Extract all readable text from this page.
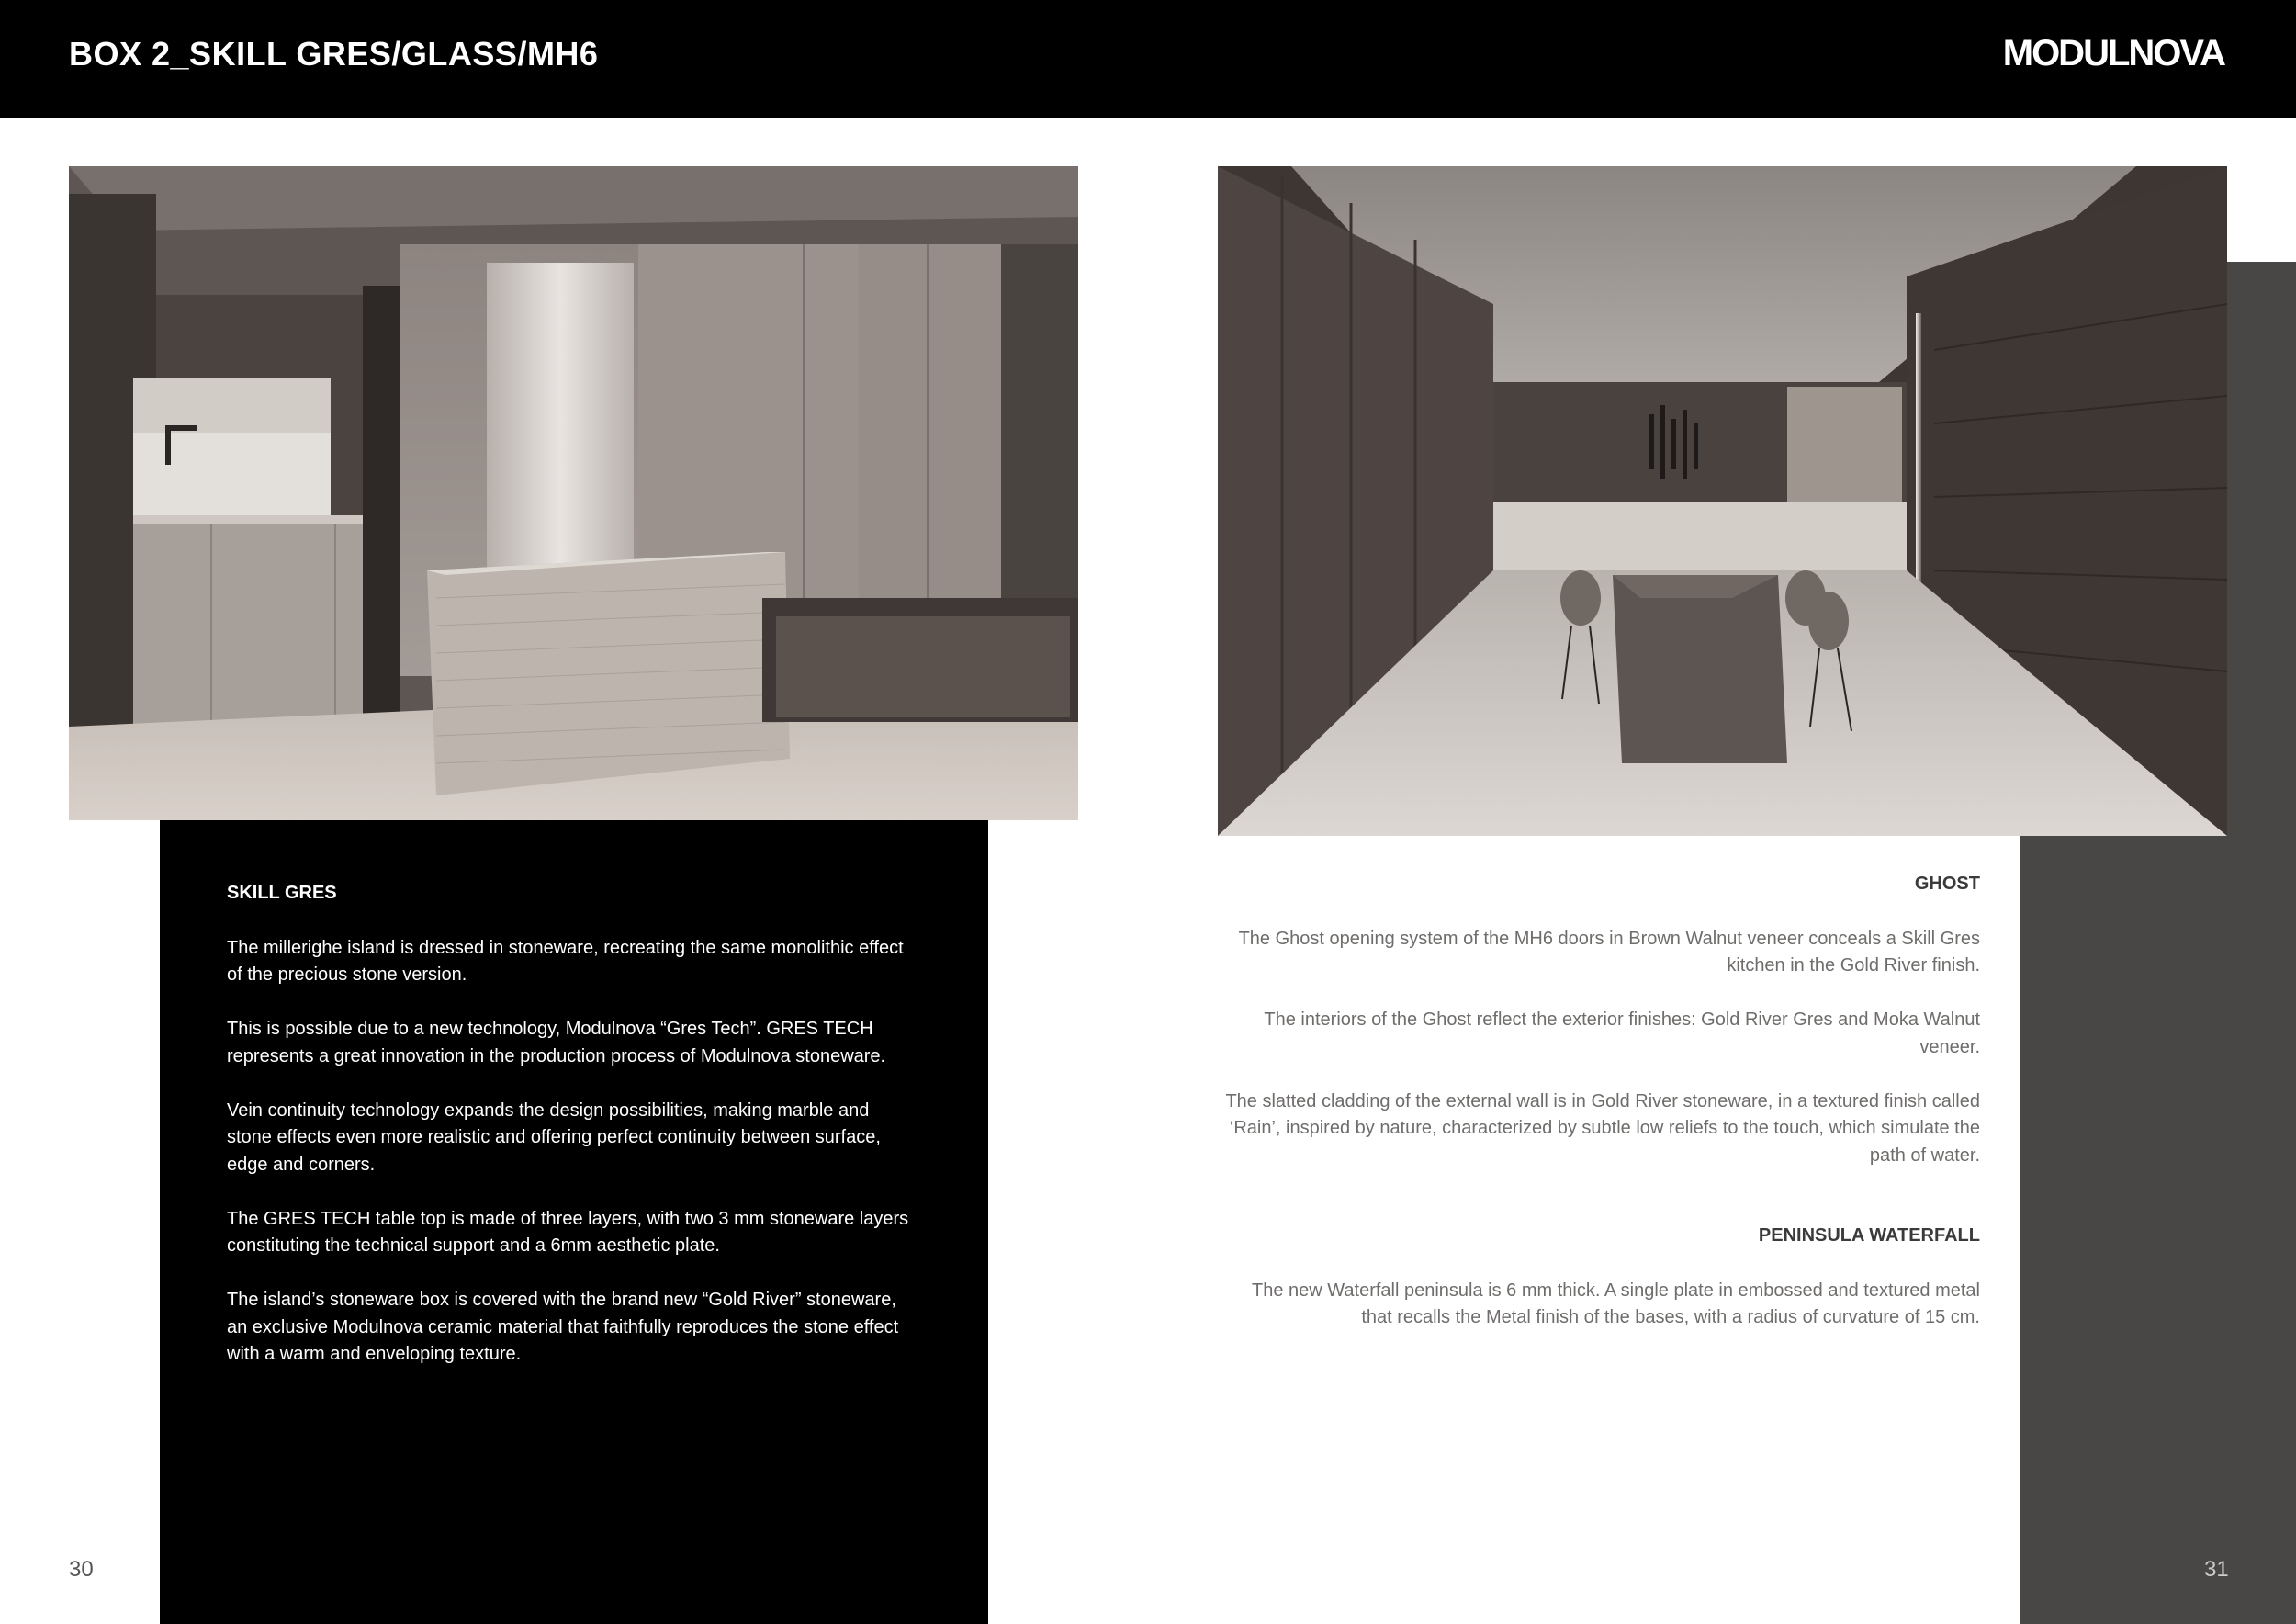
BOX 2_SKILL GRES/GLASS/MH6	MODULNOVA
SKILL GRES

The millerighe island is dressed in stoneware, recreating the same monolithic effect of the precious stone version.

This is possible due to a new technology, Modulnova “Gres Tech”. GRES TECH represents a great innovation in the production process of Modulnova stoneware.

Vein continuity technology expands the design possibilities, making marble and stone effects even more realistic and offering perfect continuity between surface, edge and corners.

The GRES TECH table top is made of three layers, with two 3 mm stoneware layers constituting the technical support and a 6mm aesthetic plate.

The island’s stoneware box is covered with the brand new “Gold River” stoneware, an exclusive Modulnova ceramic material that faithfully reproduces the stone effect with a warm and enveloping texture.

GHOST

The Ghost opening system of the MH6 doors in Brown Walnut veneer conceals a Skill Gres kitchen in the Gold River finish.

The interiors of the Ghost reflect the exterior finishes: Gold River Gres and Moka Walnut veneer.

The slatted cladding of the external wall is in Gold River stoneware, in a textured finish called ‘Rain’, inspired by nature, characterized by subtle low reliefs to the touch, which simulate the path of water.

PENINSULA WATERFALL

The new Waterfall peninsula is 6 mm thick. A single plate in embossed and textured metal that recalls the Metal finish of the bases, with a radius of curvature of 15 cm.

30	31
